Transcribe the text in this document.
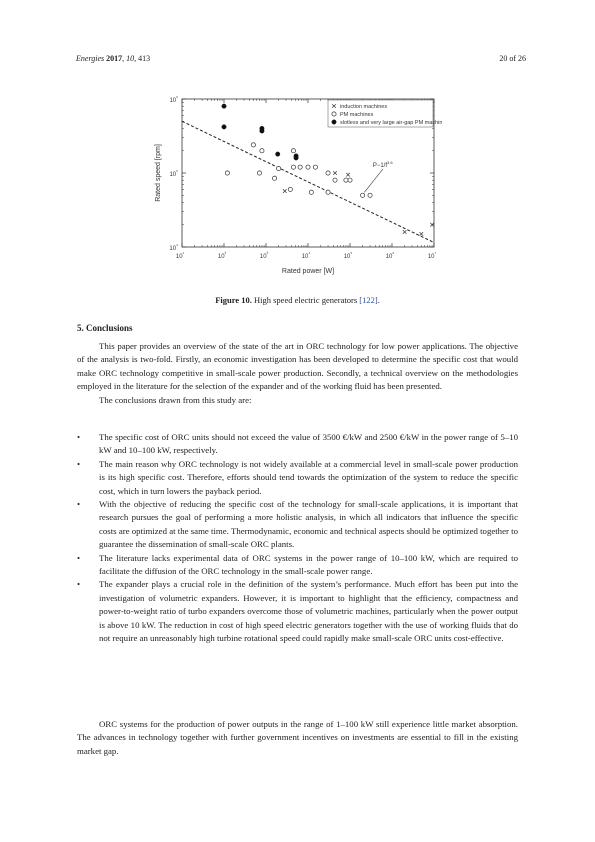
Energies 2017, 10, 413	20 of 26
$10^{^1}$
$10^{^2}$
$10^{^3}$
$10^{^4}$
$10^{^5}$
$10^{^6}$
$10^{^7}$
$10^{^4}$
$10^{^5}$
$10^{^6}$
Rated power [W]
Rated speed [rpm]	$P-1/f^{3.6}$
induction machines
PM machines
slotless and very large air-gap PM machines
Figure 10. High speed electric generators [122].
5. Conclusions

This paper provides an overview of the state of the art in ORC technology for low power applications. The objective of the analysis is two-fold. Firstly, an economic investigation has been developed to determine the specific cost that would make ORC technology competitive in small-scale power production. Secondly, a technical overview on the methodologies employed in the literature for the selection of the expander and of the working fluid has been presented.

The conclusions drawn from this study are:

• The specific cost of ORC units should not exceed the value of 3500 €/kW and 2500 €/kW in the power range of 5–10 kW and 10–100 kW, respectively.
• The main reason why ORC technology is not widely available at a commercial level in small-scale power production is its high specific cost. Therefore, efforts should tend towards the optimization of the system to reduce the specific cost, which in turn lowers the payback period.
• With the objective of reducing the specific cost of the technology for small-scale applications, it is important that research pursues the goal of performing a more holistic analysis, in which all indicators that influence the specific costs are optimized at the same time. Thermodynamic, economic and technical aspects should be optimized together to guarantee the dissemination of small-scale ORC plants.
• The literature lacks experimental data of ORC systems in the power range of 10–100 kW, which are required to facilitate the diffusion of the ORC technology in the small-scale power range.
• The expander plays a crucial role in the definition of the system’s performance. Much effort has been put into the investigation of volumetric expanders. However, it is important to highlight that the efficiency, compactness and power-to-weight ratio of turbo expanders overcome those of volumetric machines, particularly when the power output is above 10 kW. The reduction in cost of high speed electric generators together with the use of working fluids that do not require an unreasonably high turbine rotational speed could rapidly make small-scale ORC units cost-effective.

ORC systems for the production of power outputs in the range of 1–100 kW still experience little market absorption. The advances in technology together with further government incentives on investments are essential to fill in the existing market gap.
